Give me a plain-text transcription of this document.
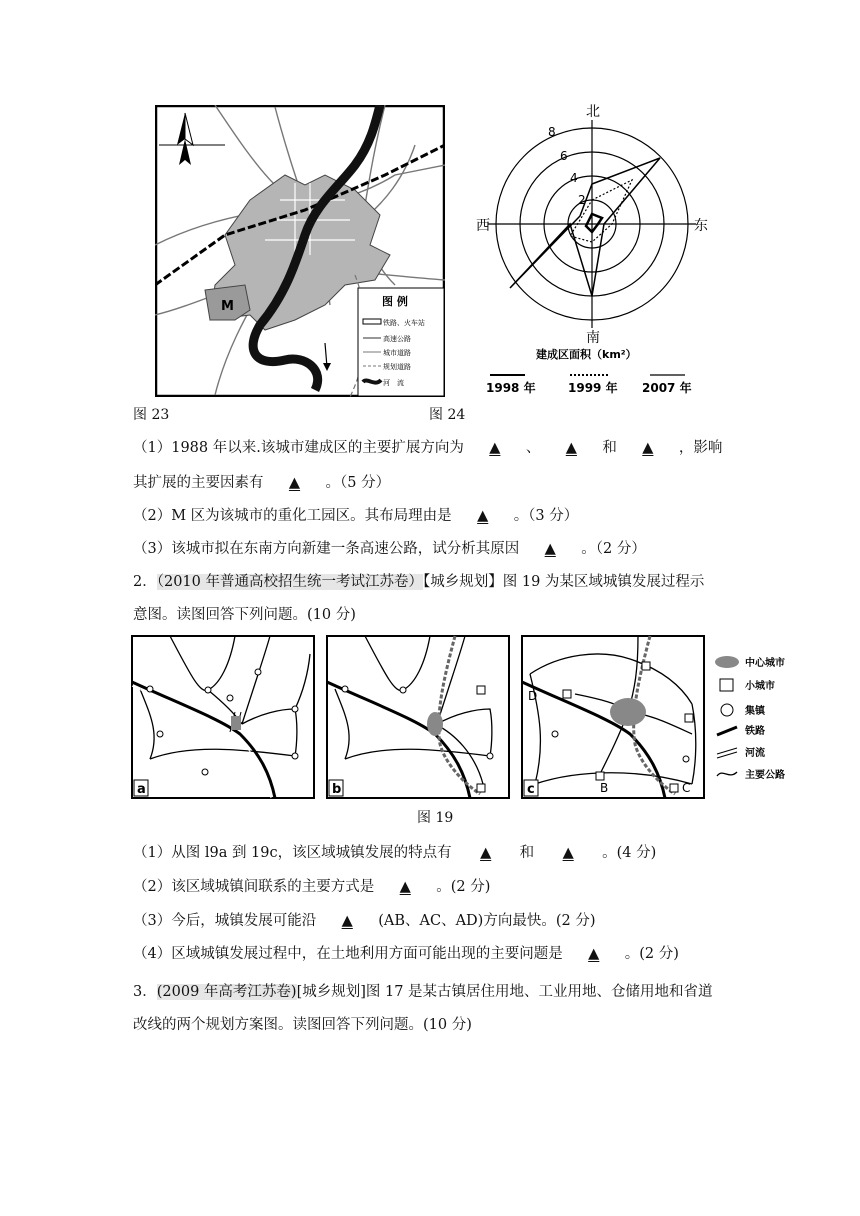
M	图 例
铁路、火车站
高速公路
城市道路
规划道路
河　流
图 23
北
南
西	东
8
6
4
2
建成区面积（km²）
1998 年	1999 年 2007 年
图 24
（1）1988 年以来.该城市建成区的主要扩展方向为 ▲ 、 ▲ 和 ▲ ，影响
其扩展的主要因素有 ▲ 。（5 分）
（2）M 区为该城市的重化工园区。其布局理由是 ▲ 。（3 分）
（3）该城市拟在东南方向新建一条高速公路，试分析其原因 ▲ 。（2 分）
2．（2010 年普通高校招生统一考试江苏卷）【城乡规划】图 19 为某区域城镇发展过程示
意图。读图回答下列问题。(10 分)
a	b
D
B	C
c
中心城市
小城市
集镇
铁路
河流
主要公路
图 19
（1）从图 l9a 到 19c，该区域城镇发展的特点有 ▲ 和 ▲ 。(4 分)
（2）该区域城镇间联系的主要方式是 ▲ 。(2 分)
（3）今后，城镇发展可能沿 ▲ (AB、AC、AD)方向最快。(2 分)
（4）区域城镇发展过程中，在土地利用方面可能出现的主要问题是 ▲ 。(2 分)
3．(2009 年高考江苏卷)[城乡规划]图 17 是某古镇居住用地、工业用地、仓储用地和省道
改线的两个规划方案图。读图回答下列问题。(10 分)
